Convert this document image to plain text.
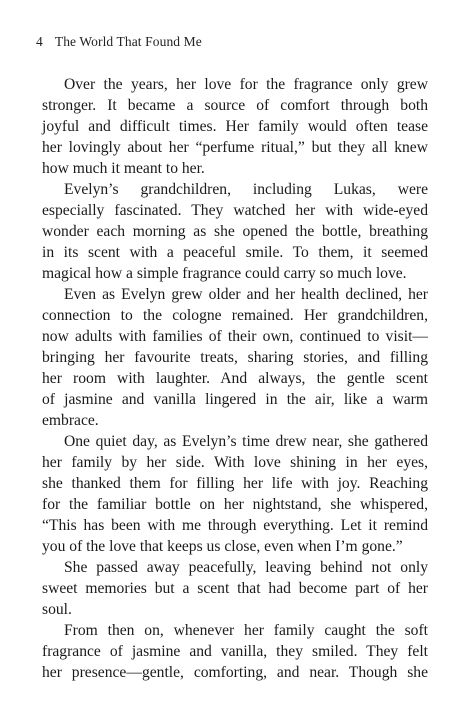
4 The World That Found Me
Over the years, her love for the fragrance only grew
stronger. It became a source of comfort through both
joyful and difficult times. Her family would often tease
her lovingly about her “perfume ritual,” but they all knew
how much it meant to her.
Evelyn’s grandchildren, including Lukas, were
especially fascinated. They watched her with wide-eyed
wonder each morning as she opened the bottle, breathing
in its scent with a peaceful smile. To them, it seemed
magical how a simple fragrance could carry so much love.
Even as Evelyn grew older and her health declined, her
connection to the cologne remained. Her grandchildren,
now adults with families of their own, continued to visit—
bringing her favourite treats, sharing stories, and filling
her room with laughter. And always, the gentle scent
of jasmine and vanilla lingered in the air, like a warm
embrace.
One quiet day, as Evelyn’s time drew near, she gathered
her family by her side. With love shining in her eyes,
she thanked them for filling her life with joy. Reaching
for the familiar bottle on her nightstand, she whispered,
“This has been with me through everything. Let it remind
you of the love that keeps us close, even when I’m gone.”
She passed away peacefully, leaving behind not only
sweet memories but a scent that had become part of her
soul.
From then on, whenever her family caught the soft
fragrance of jasmine and vanilla, they smiled. They felt
her presence—gentle, comforting, and near. Though she
